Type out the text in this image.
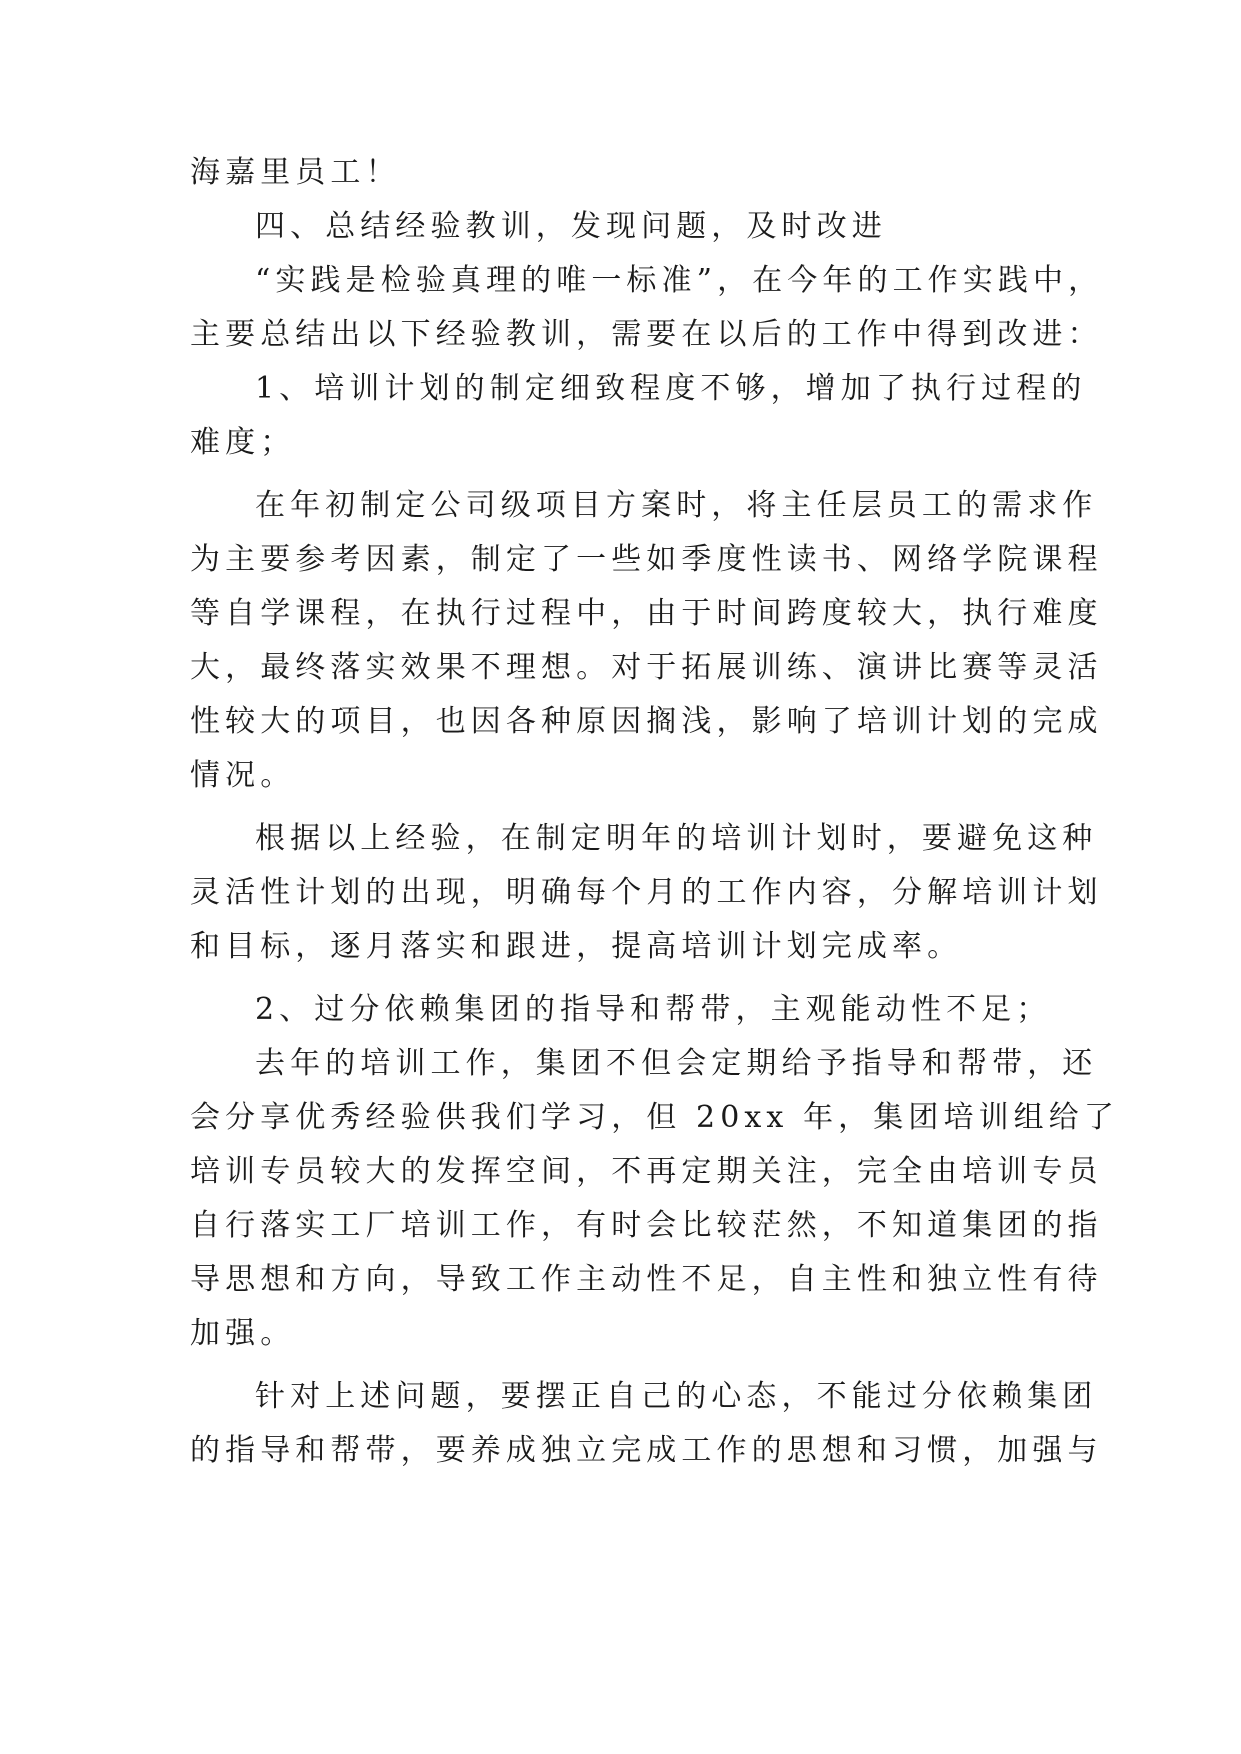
海嘉里员工！
四、总结经验教训，发现问题，及时改进
“实践是检验真理的唯一标准”，在今年的工作实践中，
主要总结出以下经验教训，需要在以后的工作中得到改进：
1、培训计划的制定细致程度不够，增加了执行过程的
难度；
在年初制定公司级项目方案时，将主任层员工的需求作
为主要参考因素，制定了一些如季度性读书、网络学院课程
等自学课程，在执行过程中，由于时间跨度较大，执行难度
大，最终落实效果不理想。对于拓展训练、演讲比赛等灵活
性较大的项目，也因各种原因搁浅，影响了培训计划的完成
情况。
根据以上经验，在制定明年的培训计划时，要避免这种
灵活性计划的出现，明确每个月的工作内容，分解培训计划
和目标，逐月落实和跟进，提高培训计划完成率。
2、过分依赖集团的指导和帮带，主观能动性不足；
去年的培训工作，集团不但会定期给予指导和帮带，还
会分享优秀经验供我们学习，但 20xx 年，集团培训组给了
培训专员较大的发挥空间，不再定期关注，完全由培训专员
自行落实工厂培训工作，有时会比较茫然，不知道集团的指
导思想和方向，导致工作主动性不足，自主性和独立性有待
加强。
针对上述问题，要摆正自己的心态，不能过分依赖集团
的指导和帮带，要养成独立完成工作的思想和习惯，加强与
